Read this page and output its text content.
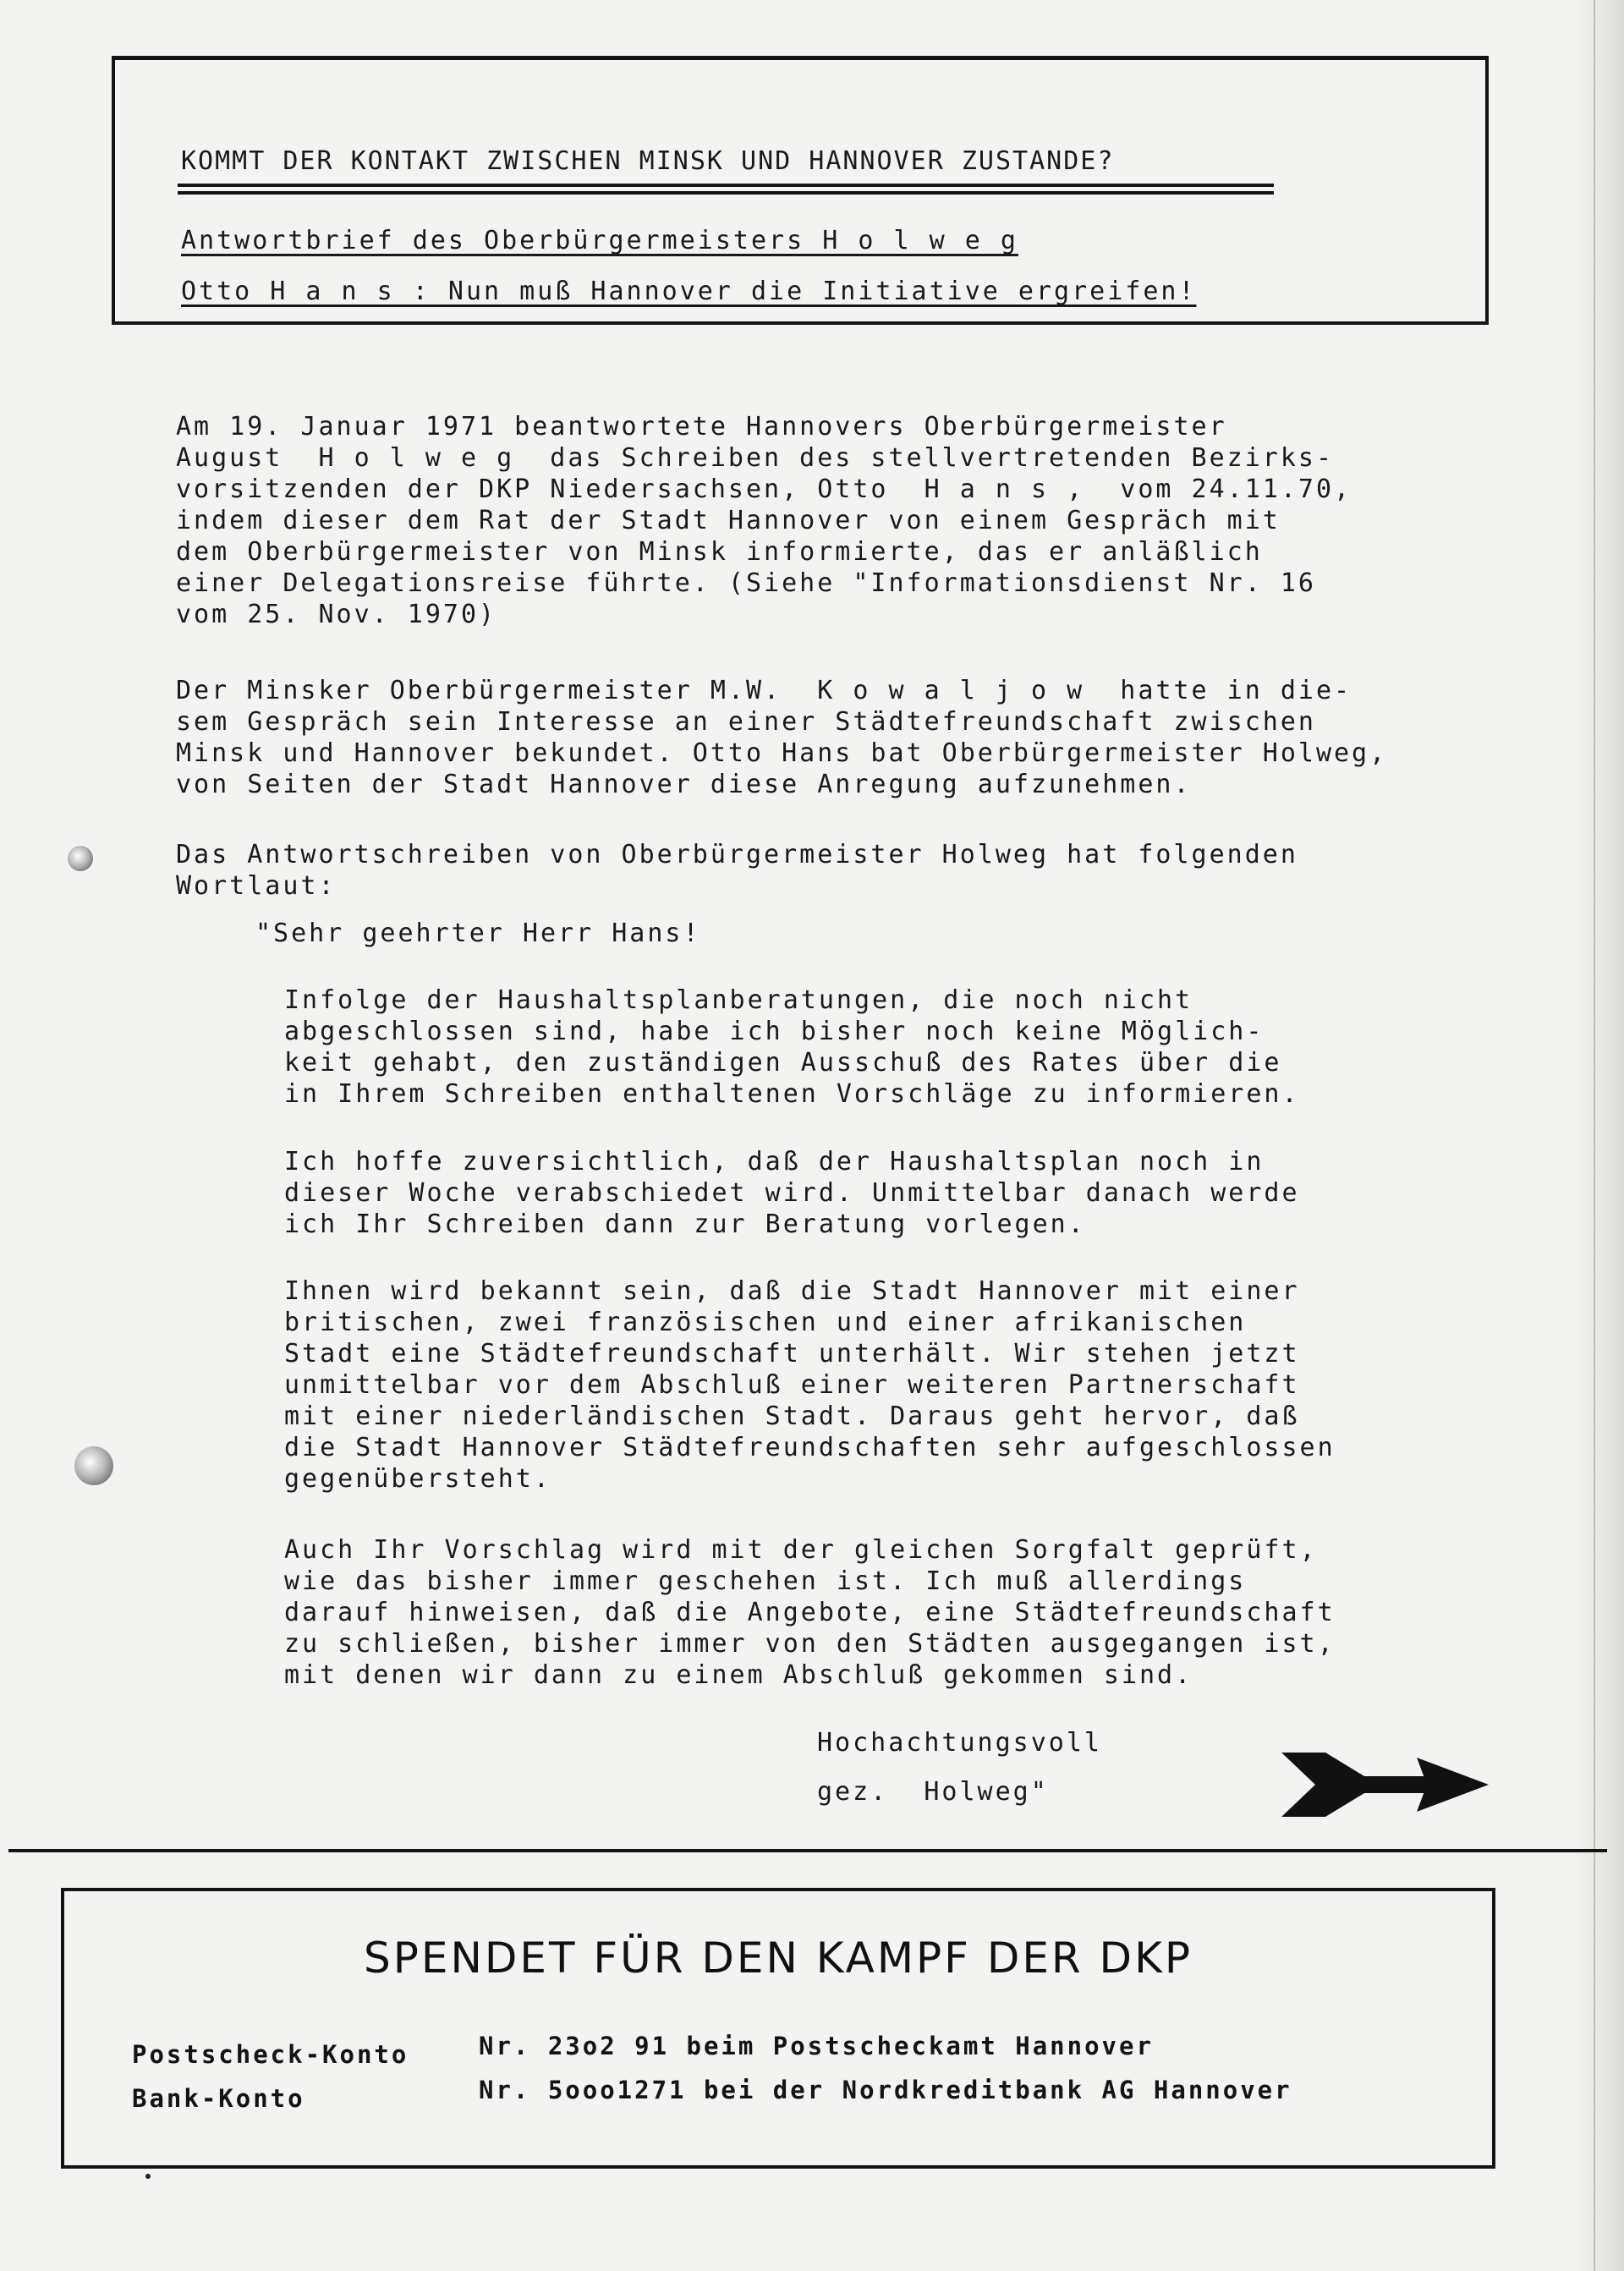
KOMMT DER KONTAKT ZWISCHEN MINSK UND HANNOVER ZUSTANDE?
Antwortbrief des Oberbürgermeisters H o l w e g
Otto H a n s : Nun muß Hannover die Initiative ergreifen!

Am 19. Januar 1971 beantwortete Hannovers Oberbürgermeister
August  H o l w e g  das Schreiben des stellvertretenden Bezirks-
vorsitzenden der DKP Niedersachsen, Otto  H a n s ,  vom 24.11.70,
indem dieser dem Rat der Stadt Hannover von einem Gespräch mit
dem Oberbürgermeister von Minsk informierte, das er anläßlich
einer Delegationsreise führte. (Siehe "Informationsdienst Nr. 16
vom 25. Nov. 1970)

Der Minsker Oberbürgermeister M.W.  K o w a l j o w  hatte in die-
sem Gespräch sein Interesse an einer Städtefreundschaft zwischen
Minsk und Hannover bekundet. Otto Hans bat Oberbürgermeister Holweg,
von Seiten der Stadt Hannover diese Anregung aufzunehmen.

Das Antwortschreiben von Oberbürgermeister Holweg hat folgenden
Wortlaut:

"Sehr geehrter Herr Hans!

Infolge der Haushaltsplanberatungen, die noch nicht
abgeschlossen sind, habe ich bisher noch keine Möglich-
keit gehabt, den zuständigen Ausschuß des Rates über die
in Ihrem Schreiben enthaltenen Vorschläge zu informieren.

Ich hoffe zuversichtlich, daß der Haushaltsplan noch in
dieser Woche verabschiedet wird. Unmittelbar danach werde
ich Ihr Schreiben dann zur Beratung vorlegen.

Ihnen wird bekannt sein, daß die Stadt Hannover mit einer
britischen, zwei französischen und einer afrikanischen
Stadt eine Städtefreundschaft unterhält. Wir stehen jetzt
unmittelbar vor dem Abschluß einer weiteren Partnerschaft
mit einer niederländischen Stadt. Daraus geht hervor, daß
die Stadt Hannover Städtefreundschaften sehr aufgeschlossen
gegenübersteht.

Auch Ihr Vorschlag wird mit der gleichen Sorgfalt geprüft,
wie das bisher immer geschehen ist. Ich muß allerdings
darauf hinweisen, daß die Angebote, eine Städtefreundschaft
zu schließen, bisher immer von den Städten ausgegangen ist,
mit denen wir dann zu einem Abschluß gekommen sind.

Hochachtungsvoll

gez.  Holweg"

SPENDET FÜR DEN KAMPF DER DKP
Postscheck-Konto	Nr. 23o2 91 beim Postscheckamt Hannover
Bank-Konto	Nr. 5ooo1271 bei der Nordkreditbank AG Hannover
